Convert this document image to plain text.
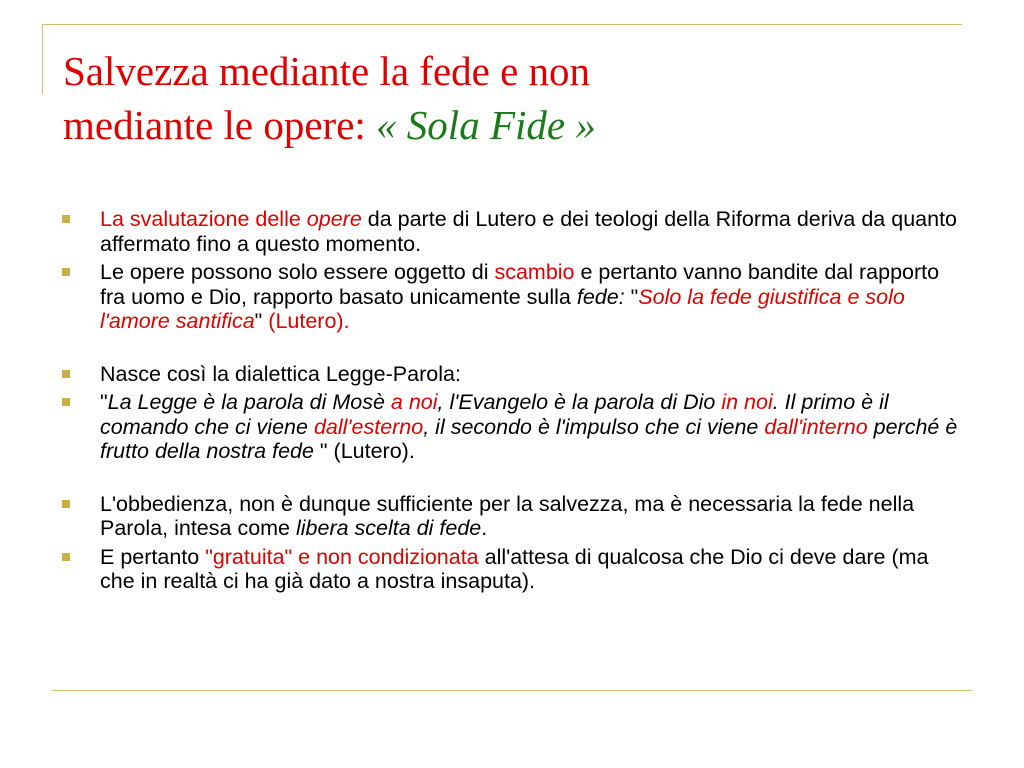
Salvezza mediante la fede e non
mediante le opere: « Sola Fide »
La svalutazione delle opere da parte di Lutero e dei teologi della Riforma deriva da quanto affermato fino a questo momento.
Le opere possono solo essere oggetto di scambio e pertanto vanno bandite dal rapporto fra uomo e Dio, rapporto basato unicamente sulla fede: "Solo la fede giustifica e solo l'amore santifica" (Lutero).
Nasce così la dialettica Legge-Parola:
"La Legge è la parola di Mosè a noi, l'Evangelo è la parola di Dio in noi. Il primo è il comando che ci viene dall'esterno, il secondo è l'impulso che ci viene dall'interno perché è frutto della nostra fede " (Lutero).
L'obbedienza, non è dunque sufficiente per la salvezza, ma è necessaria la fede nella Parola, intesa come libera scelta di fede.
E pertanto "gratuita" e non condizionata all'attesa di qualcosa che Dio ci deve dare (ma che in realtà ci ha già dato a nostra insaputa).
